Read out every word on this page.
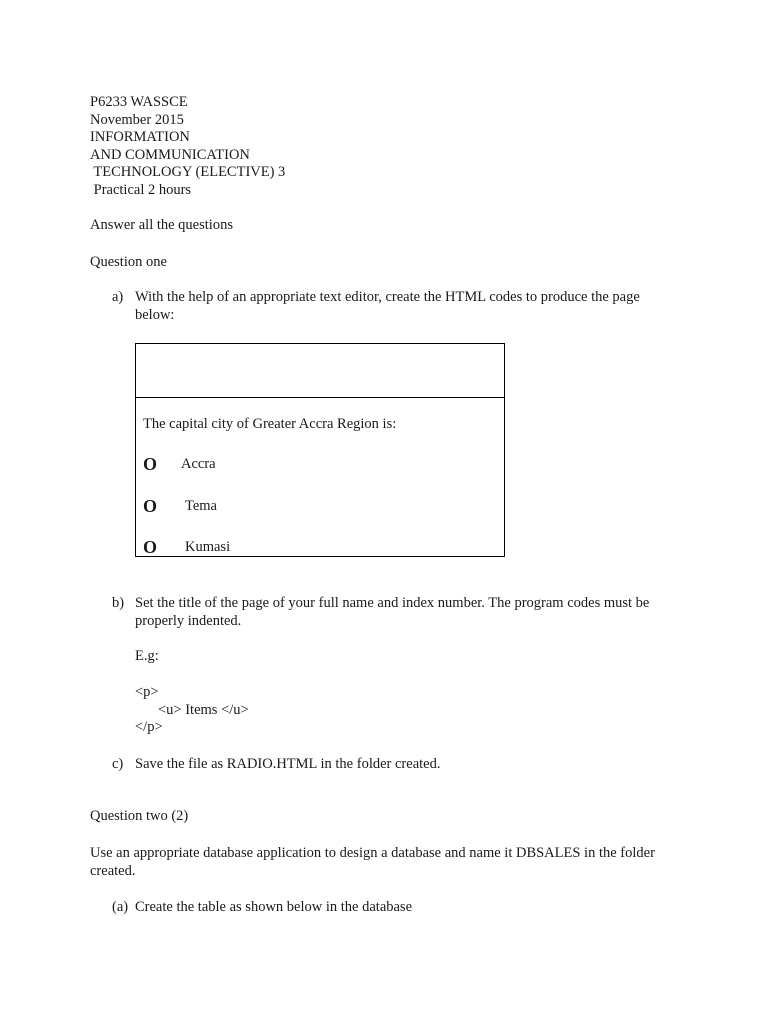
P6233 WASSCE
November 2015
INFORMATION
AND COMMUNICATION
TECHNOLOGY (ELECTIVE) 3
Practical 2 hours
Answer all the questions
Question one
a) With the help of an appropriate text editor, create the HTML codes to produce the page below:
The capital city of Greater Accra Region is:
O Accra
O Tema
O Kumasi
b) Set the title of the page of your full name and index number. The program codes must be properly indented.
E.g:
<p>
<u> Items </u>
</p>
c) Save the file as RADIO.HTML in the folder created.
Question two (2)
Use an appropriate database application to design a database and name it DBSALES in the folder created.
(a) Create the table as shown below in the database
